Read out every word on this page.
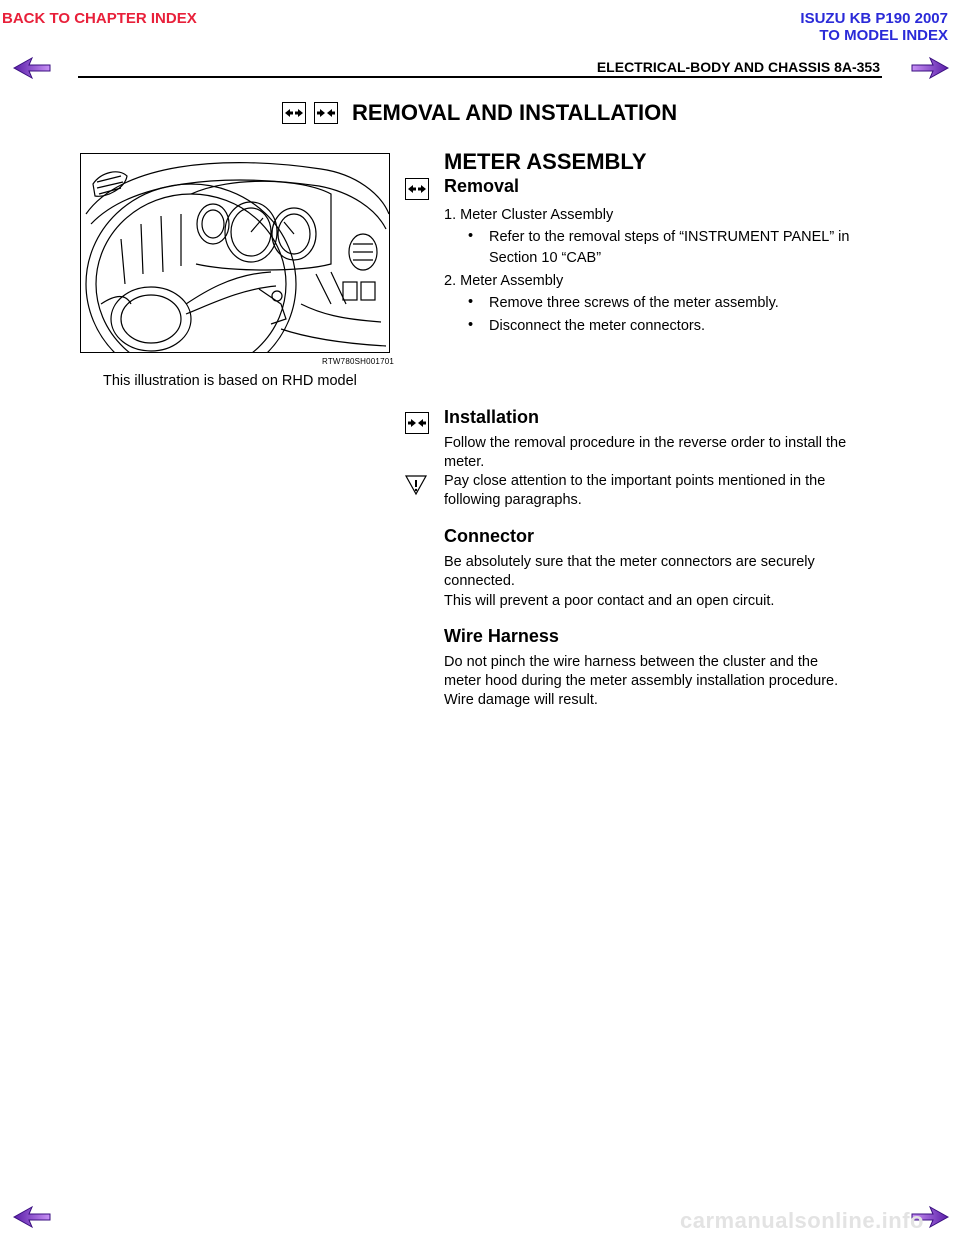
BACK TO CHAPTER INDEX	ISUZU KB P190 2007
TO MODEL INDEX
ELECTRICAL-BODY AND CHASSIS 8A-353
REMOVAL AND INSTALLATION
RTW780SH001701
This illustration is based on RHD model
METER ASSEMBLY
Removal
1. Meter Cluster Assembly
• Refer to the removal steps of “INSTRUMENT PANEL” in
Section 10 “CAB”
2. Meter Assembly
• Remove three screws of the meter assembly.
• Disconnect the meter connectors.
Installation
Follow the removal procedure in the reverse order to install the
meter.
Pay close attention to the important points mentioned in the
following paragraphs.
Connector
Be absolutely sure that the meter connectors are securely
connected.
This will prevent a poor contact and an open circuit.
Wire Harness
Do not pinch the wire harness between the cluster and the
meter hood during the meter assembly installation procedure.
Wire damage will result.
carmanualsonline.info
